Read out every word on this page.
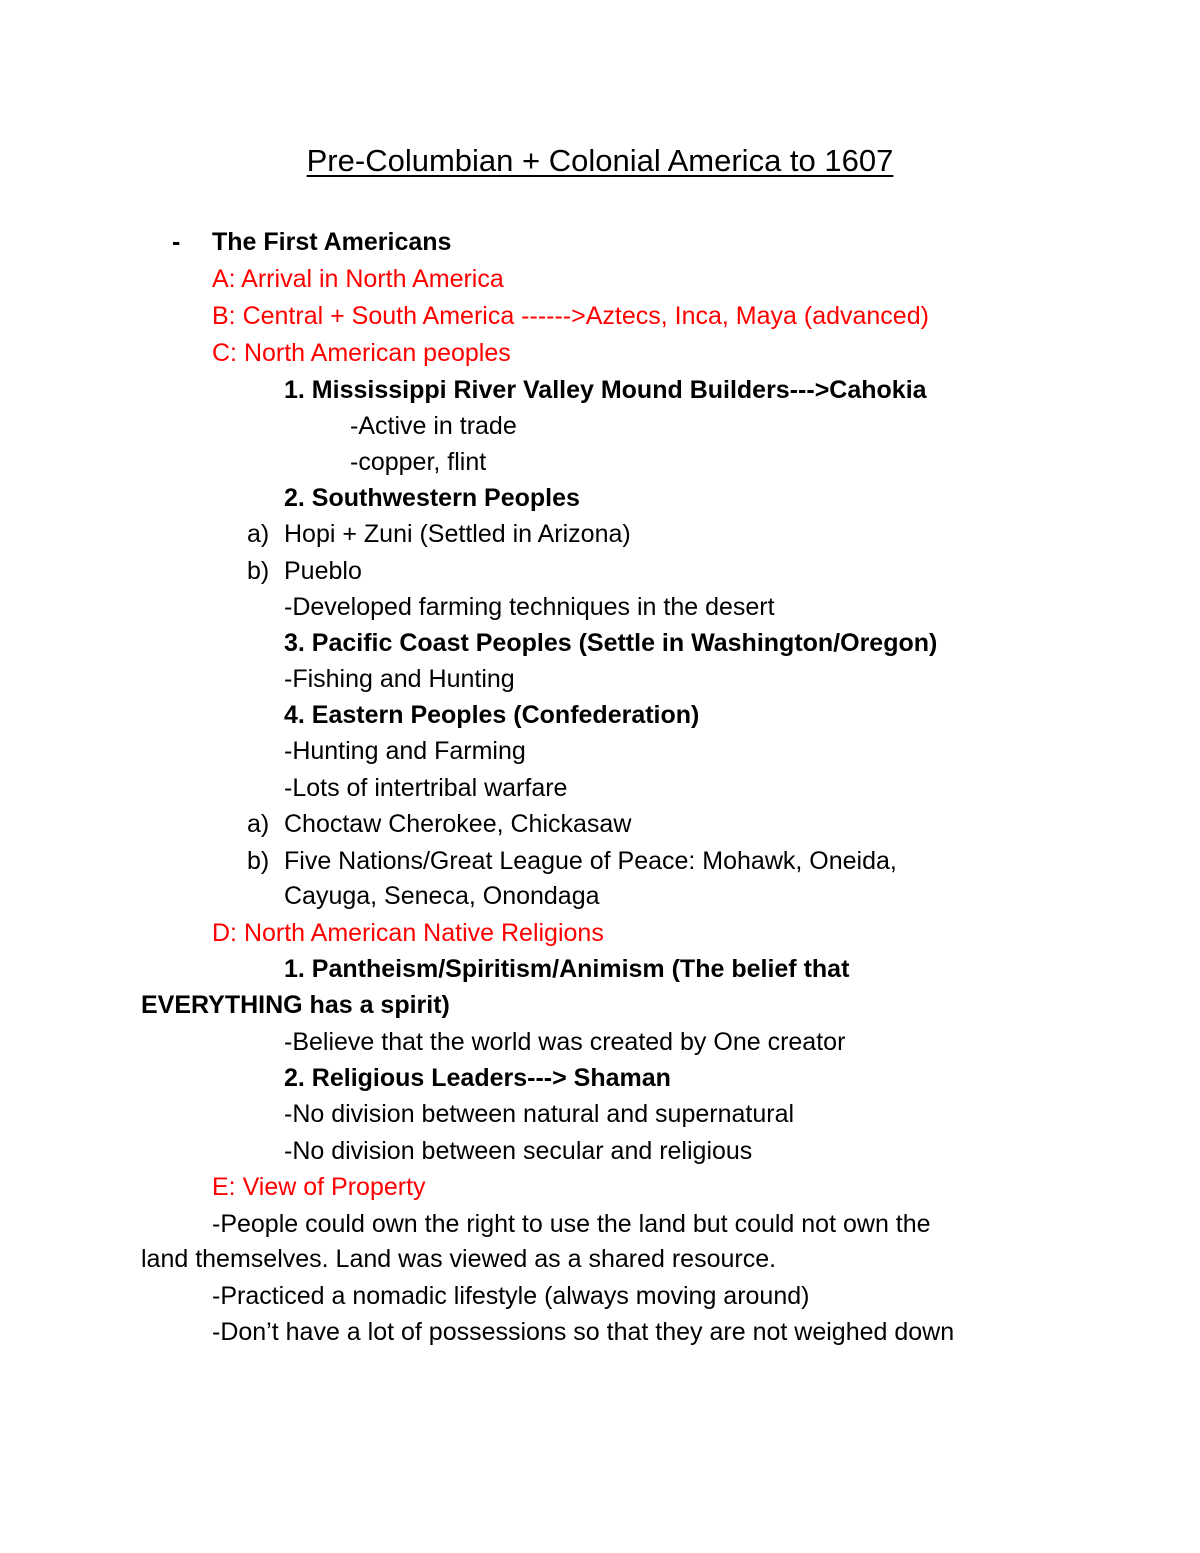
Pre-Columbian + Colonial America to 1607
- The First Americans
A: Arrival in North America
B: Central + South America ------>Aztecs, Inca, Maya (advanced)
C: North American peoples
1. Mississippi River Valley Mound Builders--->Cahokia
-Active in trade
-copper, flint
2. Southwestern Peoples
a) Hopi + Zuni (Settled in Arizona)
b) Pueblo
-Developed farming techniques in the desert
3. Pacific Coast Peoples (Settle in Washington/Oregon)
-Fishing and Hunting
4. Eastern Peoples (Confederation)
-Hunting and Farming
-Lots of intertribal warfare
a) Choctaw Cherokee, Chickasaw
b) Five Nations/Great League of Peace: Mohawk, Oneida,
Cayuga, Seneca, Onondaga
D: North American Native Religions
1. Pantheism/Spiritism/Animism (The belief that
EVERYTHING has a spirit)
-Believe that the world was created by One creator
2. Religious Leaders---> Shaman
-No division between natural and supernatural
-No division between secular and religious
E: View of Property
-People could own the right to use the land but could not own the
land themselves. Land was viewed as a shared resource.
-Practiced a nomadic lifestyle (always moving around)
-Don’t have a lot of possessions so that they are not weighed down
